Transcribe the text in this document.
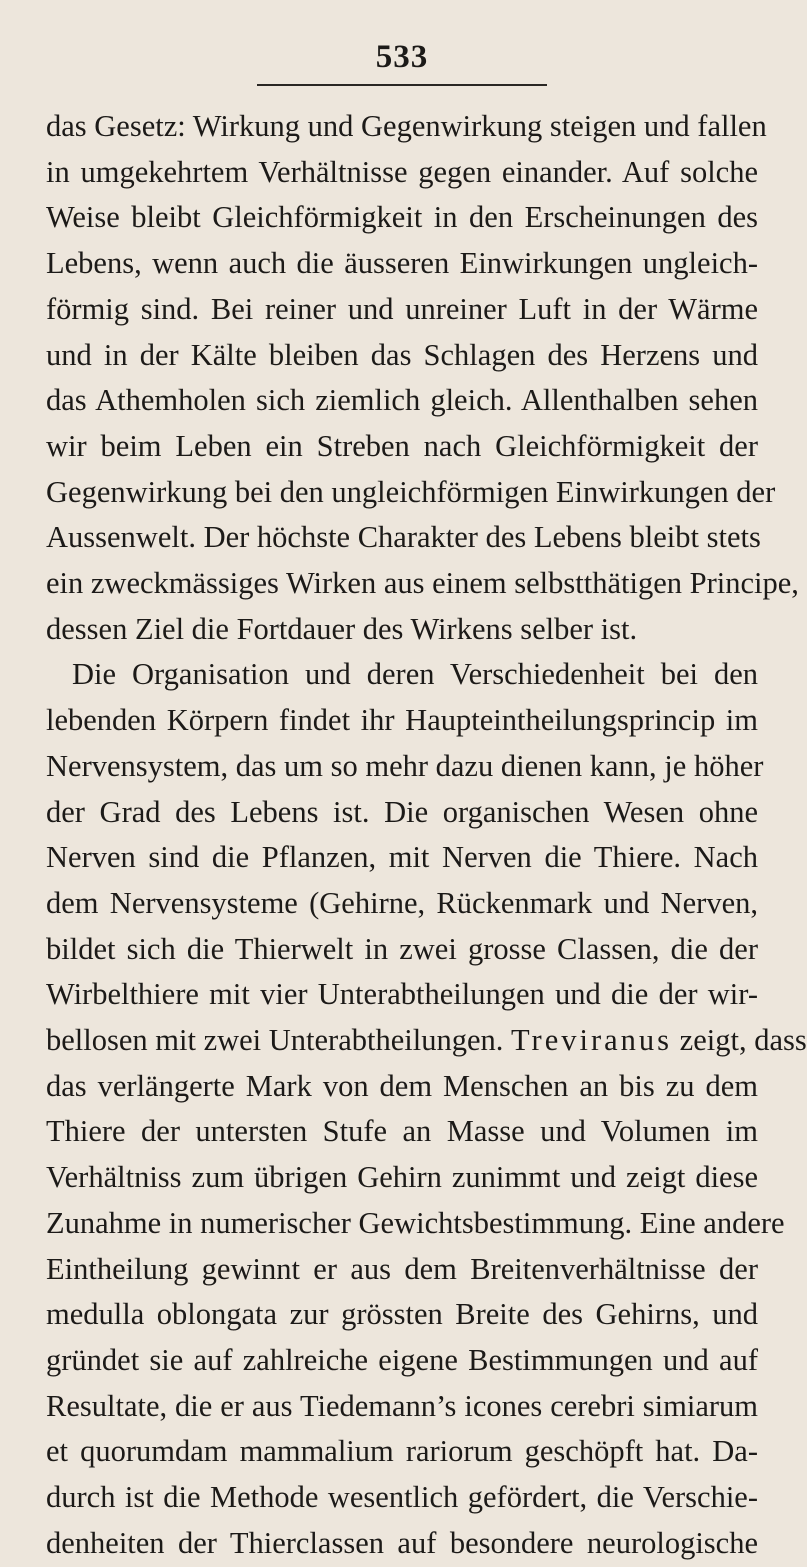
533
das Gesetz: Wirkung und Gegenwirkung steigen und fallen
in umgekehrtem Verhältnisse gegen einander. Auf solche
Weise bleibt Gleichförmigkeit in den Erscheinungen des
Lebens, wenn auch die äusseren Einwirkungen ungleich-
förmig sind. Bei reiner und unreiner Luft in der Wärme
und in der Kälte bleiben das Schlagen des Herzens und
das Athemholen sich ziemlich gleich. Allenthalben sehen
wir beim Leben ein Streben nach Gleichförmigkeit der
Gegenwirkung bei den ungleichförmigen Einwirkungen der
Aussenwelt. Der höchste Charakter des Lebens bleibt stets
ein zweckmässiges Wirken aus einem selbstthätigen Principe,
dessen Ziel die Fortdauer des Wirkens selber ist.
Die Organisation und deren Verschiedenheit bei den
lebenden Körpern findet ihr Haupteintheilungsprincip im
Nervensystem, das um so mehr dazu dienen kann, je höher
der Grad des Lebens ist. Die organischen Wesen ohne
Nerven sind die Pflanzen, mit Nerven die Thiere. Nach
dem Nervensysteme (Gehirne, Rückenmark und Nerven,
bildet sich die Thierwelt in zwei grosse Classen, die der
Wirbelthiere mit vier Unterabtheilungen und die der wir-
bellosen mit zwei Unterabtheilungen. Treviranus zeigt, dass
das verlängerte Mark von dem Menschen an bis zu dem
Thiere der untersten Stufe an Masse und Volumen im
Verhältniss zum übrigen Gehirn zunimmt und zeigt diese
Zunahme in numerischer Gewichtsbestimmung. Eine andere
Eintheilung gewinnt er aus dem Breitenverhältnisse der
medulla oblongata zur grössten Breite des Gehirns, und
gründet sie auf zahlreiche eigene Bestimmungen und auf
Resultate, die er aus Tiedemann’s icones cerebri simiarum
et quorumdam mammalium rariorum geschöpft hat. Da-
durch ist die Methode wesentlich gefördert, die Verschie-
denheiten der Thierclassen auf besondere neurologische
